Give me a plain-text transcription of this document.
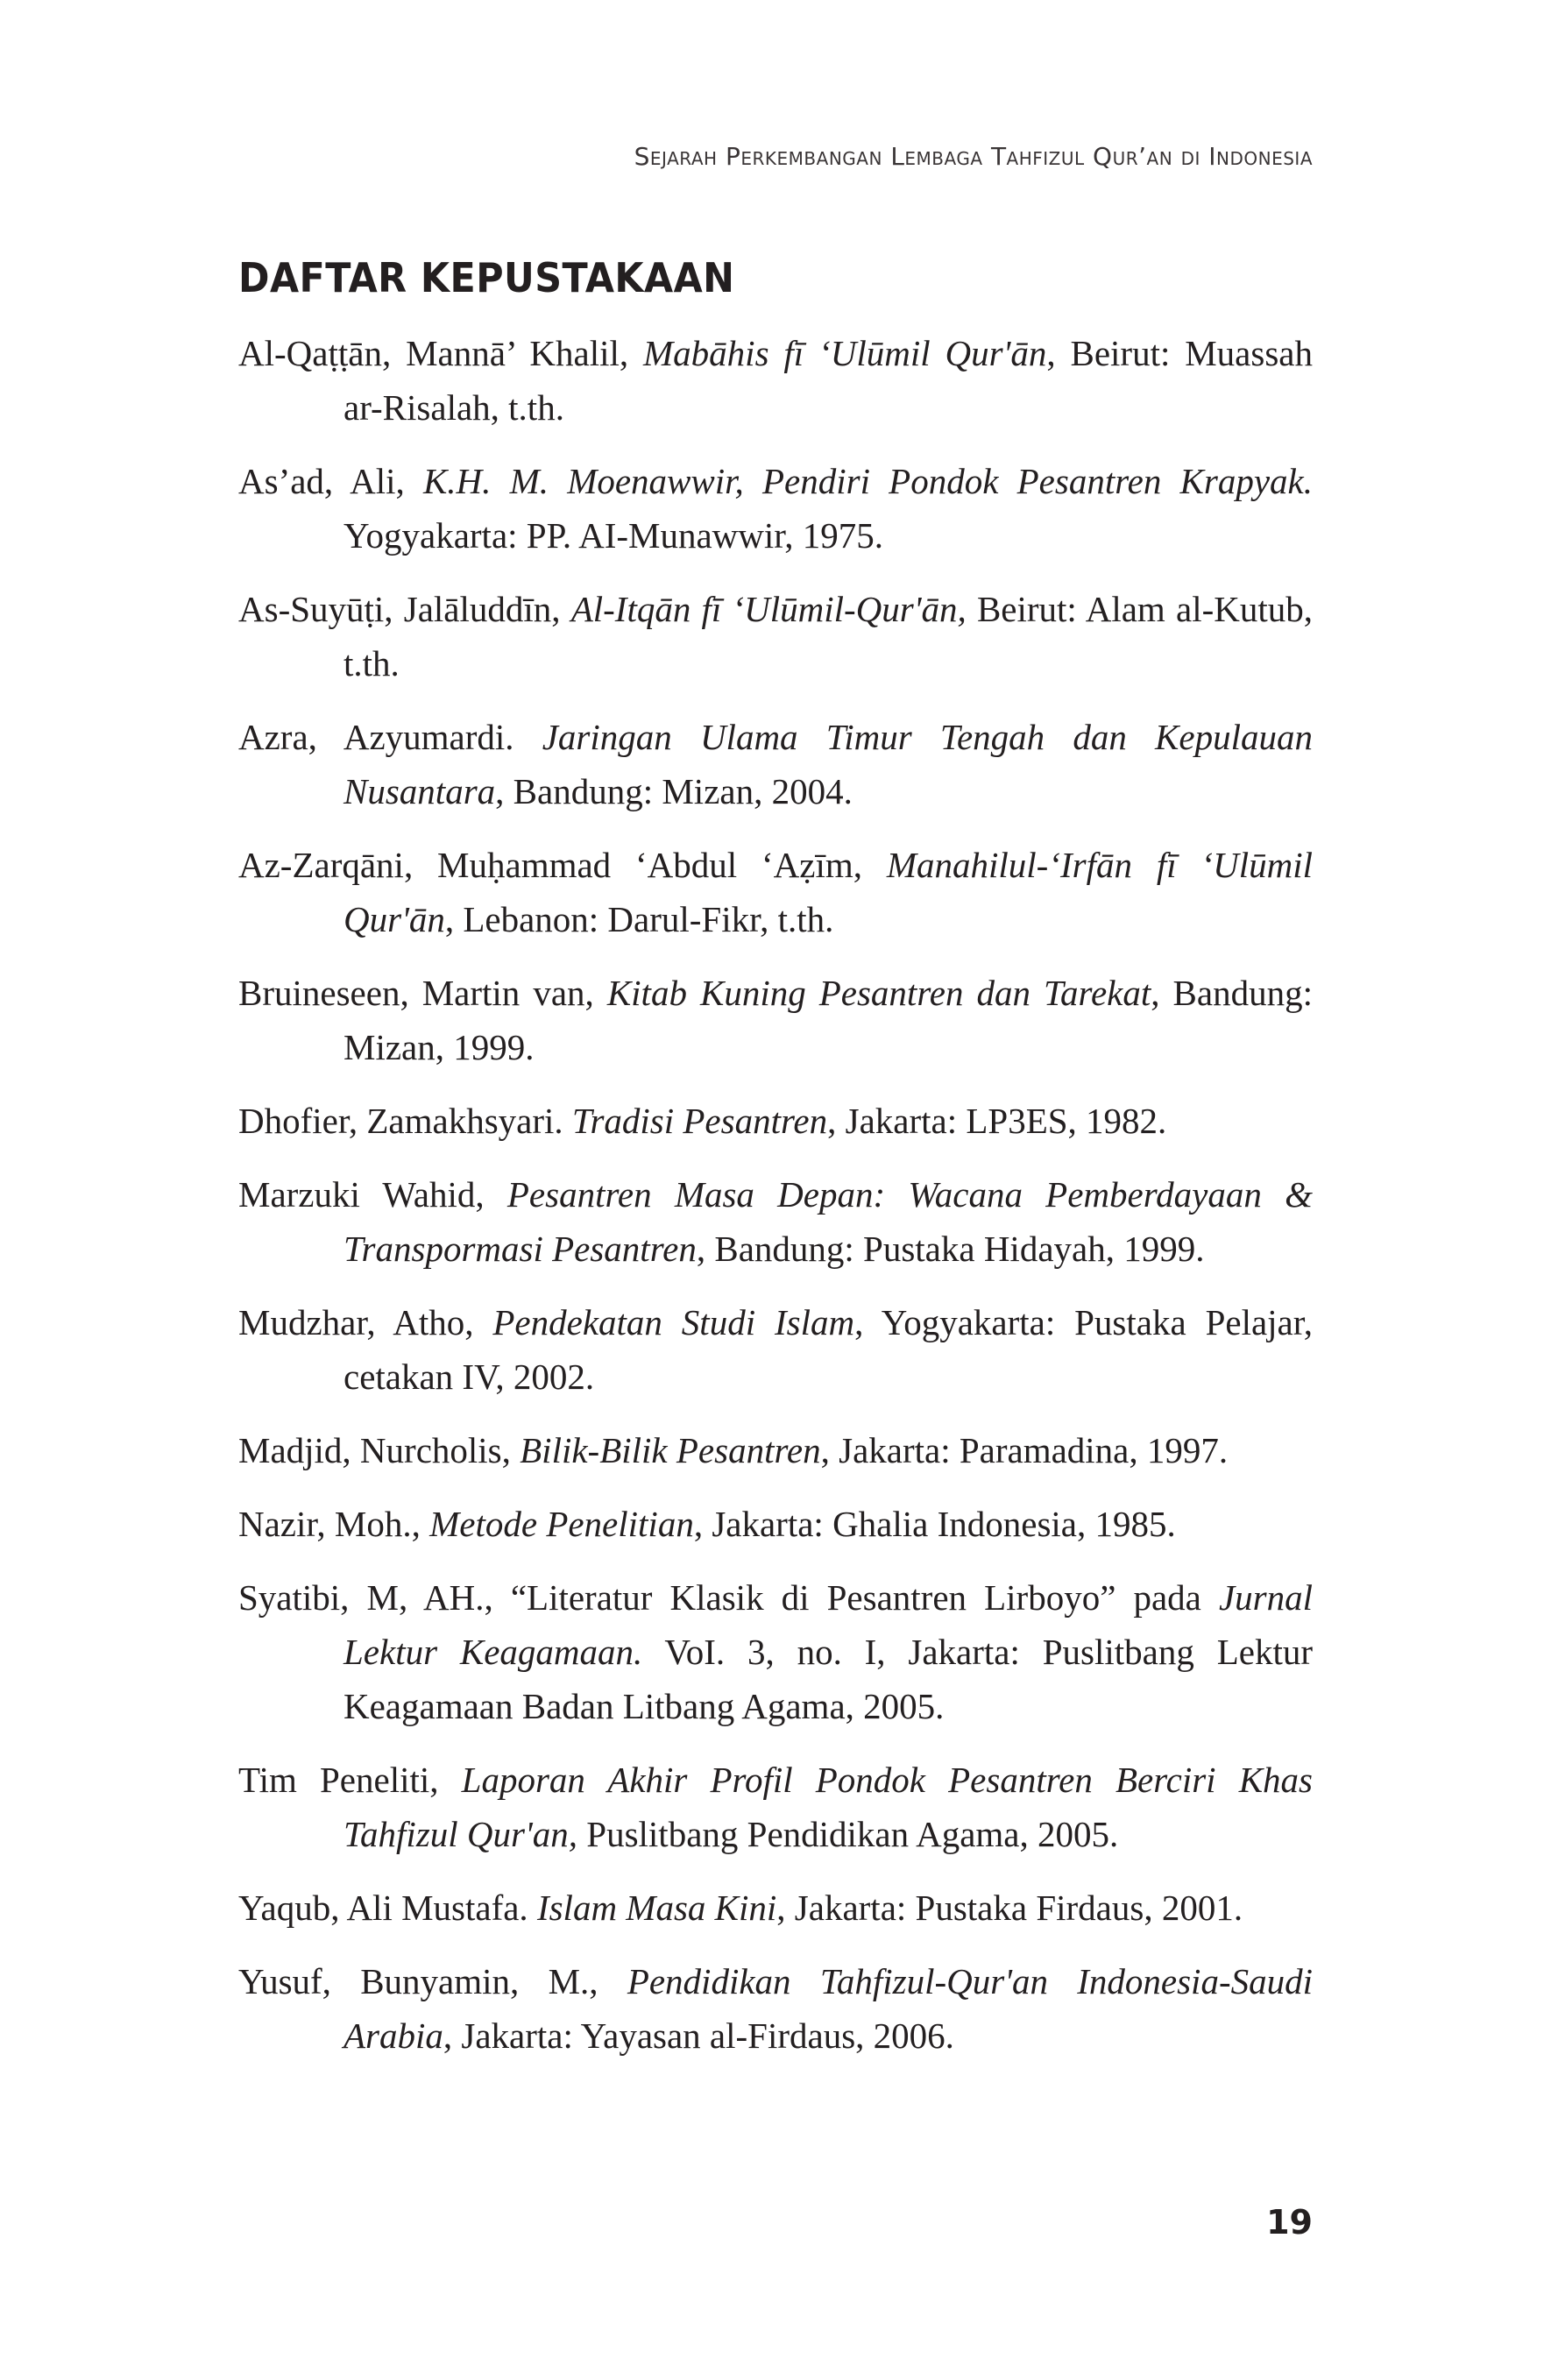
Sejarah Perkembangan Lembaga Tahfizul Qur’an di Indonesia
DAFTAR KEPUSTAKAAN
Al-Qaṭṭān, Mannā’ Khalil, Mabāhis fī ‘Ulūmil Qur'ān, Beirut: Muassah ar-Risalah, t.th.
As’ad, Ali, K.H. M. Moenawwir, Pendiri Pondok Pesantren Krapyak. Yogyakarta: PP. AI-Munawwir, 1975.
As-Suyūṭi, Jalāluddīn, Al-Itqān fī ‘Ulūmil-Qur'ān, Beirut: Alam al-Kutub, t.th.
Azra, Azyumardi. Jaringan Ulama Timur Tengah dan Kepulauan Nusantara, Bandung: Mizan, 2004.
Az-Zarqāni, Muḥammad ‘Abdul ‘Aẓīm, Manahilul-‘Irfān fī ‘Ulūmil Qur'ān, Lebanon: Darul-Fikr, t.th.
Bruineseen, Martin van, Kitab Kuning Pesantren dan Tarekat, Bandung: Mizan, 1999.
Dhofier, Zamakhsyari. Tradisi Pesantren, Jakarta: LP3ES, 1982.
Marzuki Wahid, Pesantren Masa Depan: Wacana Pemberdayaan & Transpormasi Pesantren, Bandung: Pustaka Hidayah, 1999.
Mudzhar, Atho, Pendekatan Studi Islam, Yogyakarta: Pustaka Pelajar, cetakan IV, 2002.
Madjid, Nurcholis, Bilik-Bilik Pesantren, Jakarta: Paramadina, 1997.
Nazir, Moh., Metode Penelitian, Jakarta: Ghalia Indonesia, 1985.
Syatibi, M, AH., “Literatur Klasik di Pesantren Lirboyo” pada Jurnal Lektur Keagamaan. VoI. 3, no. I, Jakarta: Puslitbang Lektur Keagamaan Badan Litbang Agama, 2005.
Tim Peneliti, Laporan Akhir Profil Pondok Pesantren Berciri Khas Tahfizul Qur'an, Puslitbang Pendidikan Agama, 2005.
Yaqub, Ali Mustafa. Islam Masa Kini, Jakarta: Pustaka Firdaus, 2001.
Yusuf, Bunyamin, M., Pendidikan Tahfizul-Qur'an Indonesia-Saudi Arabia, Jakarta: Yayasan al-Firdaus, 2006.
19
